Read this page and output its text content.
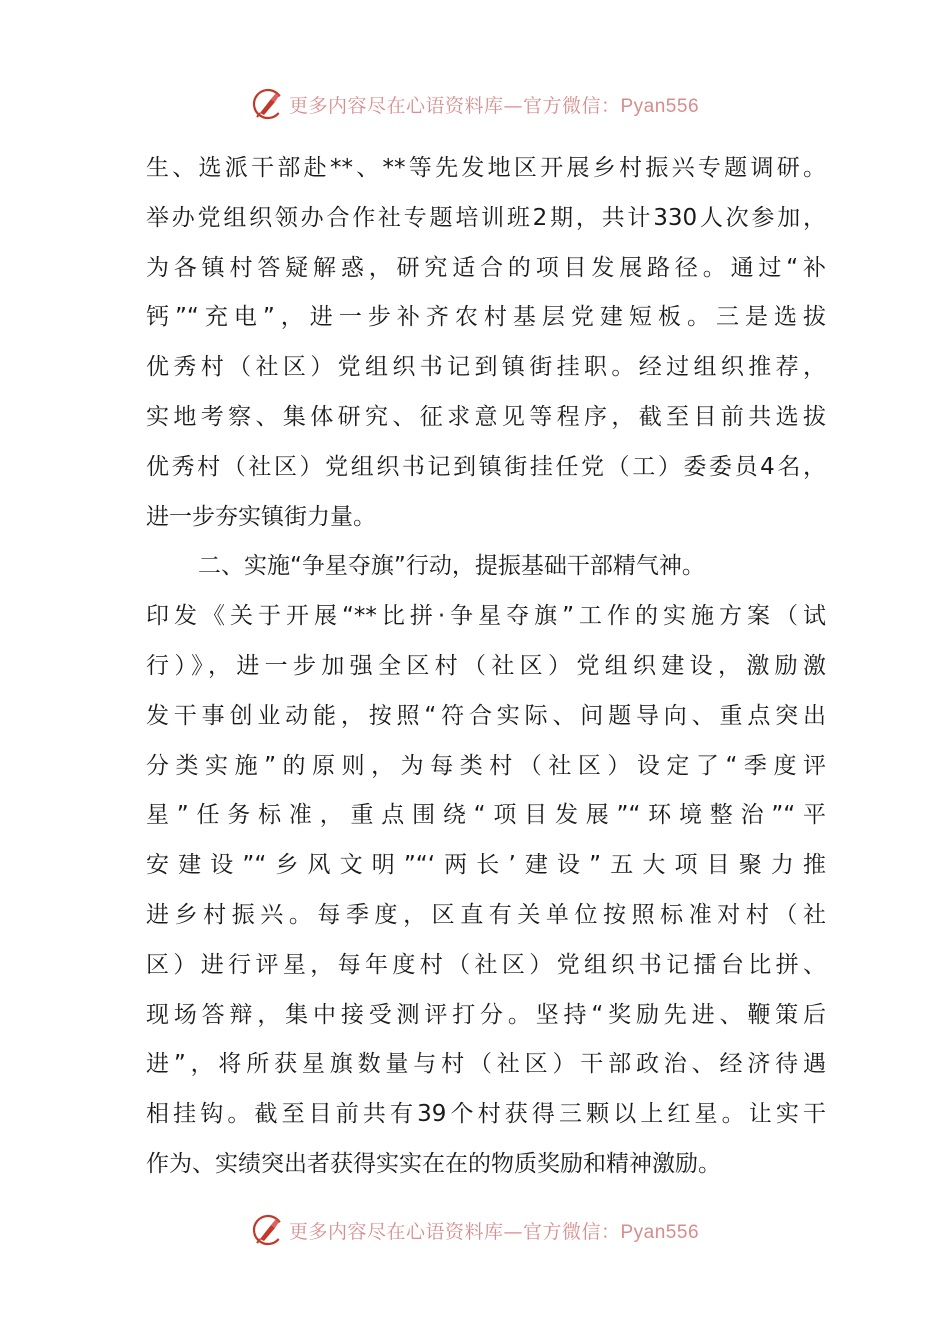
更多内容尽在心语资料库—官方微信：Pyan556
生、选派干部赴**、**等先发地区开展乡村振兴专题调研。
举办党组织领办合作社专题培训班2期，共计330人次参加，
为各镇村答疑解惑，研究适合的项目发展路径。通过“补
钙”“充电”，进一步补齐农村基层党建短板。三是选拔
优秀村（社区）党组织书记到镇街挂职。经过组织推荐，
实地考察、集体研究、征求意见等程序，截至目前共选拔
优秀村（社区）党组织书记到镇街挂任党（工）委委员4名，
进一步夯实镇街力量。
二、实施“争星夺旗”行动，提振基础干部精气神。
印发《关于开展“**比拼·争星夺旗”工作的实施方案（试
行）》，进一步加强全区村（社区）党组织建设，激励激
发干事创业动能，按照“符合实际、问题导向、重点突出
分类实施”的原则，为每类村（社区）设定了“季度评
星”任务标准，重点围绕“项目发展”“环境整治”“平
安建设”“乡风文明”“‘两长’建设”五大项目聚力推
进乡村振兴。每季度，区直有关单位按照标准对村（社
区）进行评星，每年度村（社区）党组织书记擂台比拼、
现场答辩，集中接受测评打分。坚持“奖励先进、鞭策后
进”，将所获星旗数量与村（社区）干部政治、经济待遇
相挂钩。截至目前共有39个村获得三颗以上红星。让实干
作为、实绩突出者获得实实在在的物质奖励和精神激励。
更多内容尽在心语资料库—官方微信：Pyan556
